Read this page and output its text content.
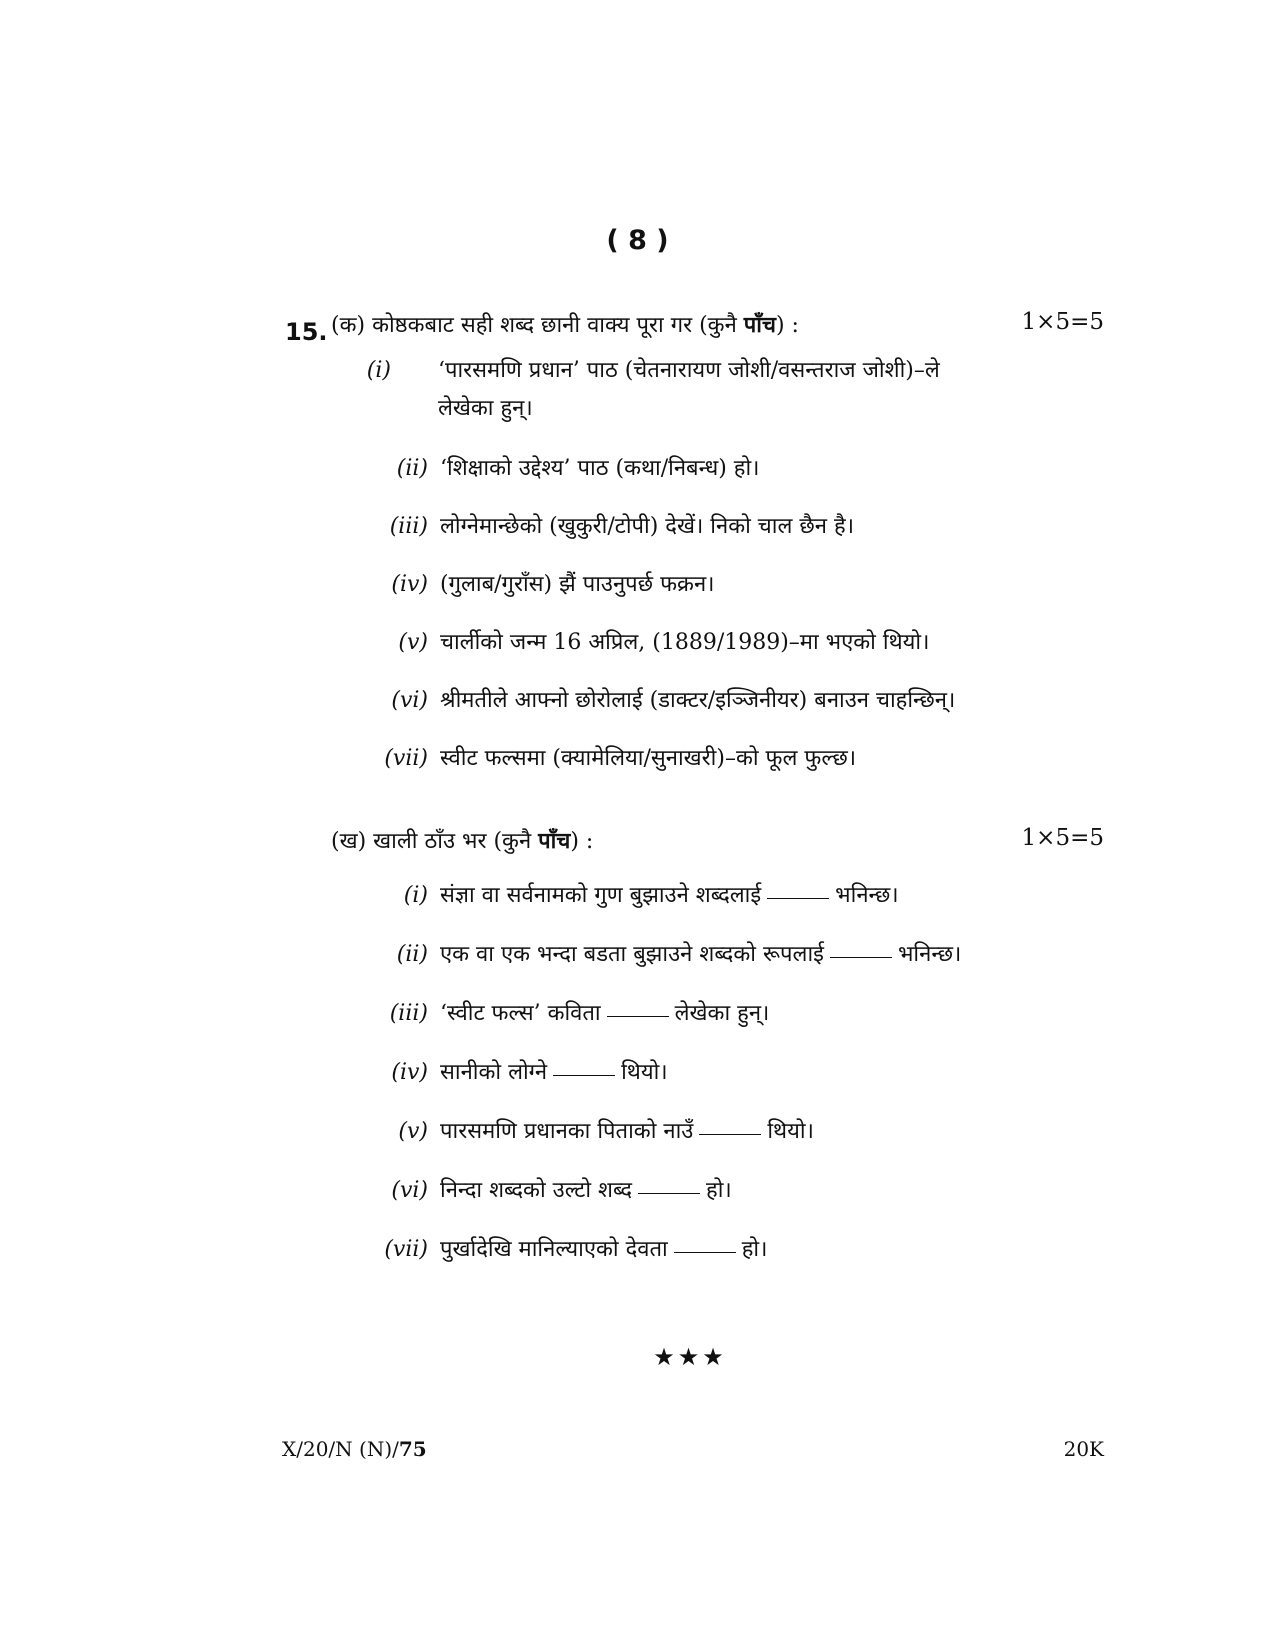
( 8 )
15. (क) कोष्ठकबाट सही शब्द छानी वाक्य पूरा गर (कुनै पाँच) :	1×5=5
(i) ‘पारसमणि प्रधान’ पाठ (चेतनारायण जोशी/वसन्तराज जोशी)–ले
लेखेका हुन्।
(ii) ‘शिक्षाको उद्देश्य’ पाठ (कथा/निबन्ध) हो।
(iii) लोग्नेमान्छेको (खुकुरी/टोपी) देखें। निको चाल छैन है।
(iv) (गुलाब/गुराँस) झैं पाउनुपर्छ फक्रन।
(v) चार्लीको जन्म 16 अप्रिल, (1889/1989)–मा भएको थियो।
(vi) श्रीमतीले आफ्नो छोरोलाई (डाक्टर/इञ्जिनीयर) बनाउन चाहन्छिन्।
(vii) स्वीट फल्समा (क्यामेलिया/सुनाखरी)–को फूल फुल्छ।
(ख) खाली ठाँउ भर (कुनै पाँच) :	1×5=5
(i) संज्ञा वा सर्वनामको गुण बुझाउने शब्दलाई	भनिन्छ।
(ii) एक वा एक भन्दा बडता बुझाउने शब्दको रूपलाई	भनिन्छ।
(iii) ‘स्वीट फल्स’ कविता	लेखेका हुन्।
(iv) सानीको लोग्ने	थियो।
(v) पारसमणि प्रधानका पिताको नाउँ	थियो।
(vi) निन्दा शब्दको उल्टो शब्द	हो।
(vii) पुर्खादेखि मानिल्याएको देवता	हो।
★★★
X/20/N (N)/75	20K
